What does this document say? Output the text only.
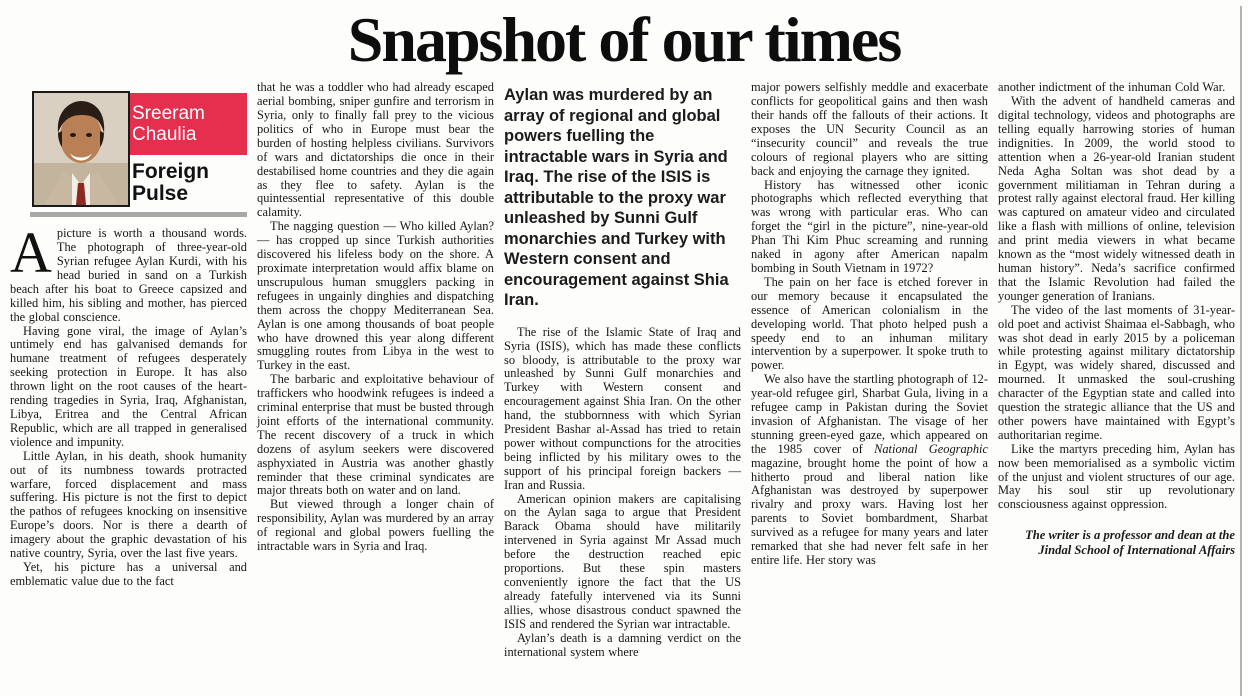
Snapshot of our times
Sreeram Chaulia
Foreign Pulse

Apicture is worth a thousand words. The photograph of three-year-old Syrian refugee Aylan Kurdi, with his head buried in sand on a Turkish beach after his boat to Greece capsized and killed him, his sibling and mother, has pierced the global conscience.

Having gone viral, the image of Aylan’s untimely end has galvanised demands for humane treatment of refugees desperately seeking protection in Europe. It has also thrown light on the root causes of the heart-rending tragedies in Syria, Iraq, Afghanistan, Libya, Eritrea and the Central African Republic, which are all trapped in generalised violence and impunity.

Little Aylan, in his death, shook humanity out of its numbness towards protracted warfare, forced displacement and mass suffering. His picture is not the first to depict the pathos of refugees knocking on insensitive Europe’s doors. Nor is there a dearth of imagery about the graphic devastation of his native country, Syria, over the last five years.

Yet, his picture has a universal and emblematic value due to the fact

that he was a toddler who had already escaped aerial bombing, sniper gunfire and terrorism in Syria, only to finally fall prey to the vicious politics of who in Europe must bear the burden of hosting helpless civilians. Survivors of wars and dictatorships die once in their destabilised home countries and they die again as they flee to safety. Aylan is the quintessential representative of this double calamity.

The nagging question — Who killed Aylan? — has cropped up since Turkish authorities discovered his lifeless body on the shore. A proximate interpretation would affix blame on unscrupulous human smugglers packing in refugees in ungainly dinghies and dispatching them across the choppy Mediterranean Sea. Aylan is one among thousands of boat people who have drowned this year along different smuggling routes from Libya in the west to Turkey in the east.

The barbaric and exploitative behaviour of traffickers who hoodwink refugees is indeed a criminal enterprise that must be busted through joint efforts of the international community. The recent discovery of a truck in which dozens of asylum seekers were discovered asphyxiated in Austria was another ghastly reminder that these criminal syndicates are major threats both on water and on land.

But viewed through a longer chain of responsibility, Aylan was murdered by an array of regional and global powers fuelling the intractable wars in Syria and Iraq.

Aylan was murdered by an array of regional and global powers fuelling the intractable wars in Syria and Iraq. The rise of the ISIS is attributable to the proxy war unleashed by Sunni Gulf monarchies and Turkey with Western consent and encouragement against Shia Iran.

The rise of the Islamic State of Iraq and Syria (ISIS), which has made these conflicts so bloody, is attributable to the proxy war unleashed by Sunni Gulf monarchies and Turkey with Western consent and encouragement against Shia Iran. On the other hand, the stubbornness with which Syrian President Bashar al-Assad has tried to retain power without compunctions for the atrocities being inflicted by his military owes to the support of his principal foreign backers — Iran and Russia.

American opinion makers are capitalising on the Aylan saga to argue that President Barack Obama should have militarily intervened in Syria against Mr Assad much before the destruction reached epic proportions. But these spin masters conveniently ignore the fact that the US already fatefully intervened via its Sunni allies, whose disastrous conduct spawned the ISIS and rendered the Syrian war intractable.

Aylan’s death is a damning verdict on the international system where

major powers selfishly meddle and exacerbate conflicts for geopolitical gains and then wash their hands off the fallouts of their actions. It exposes the UN Security Council as an “insecurity council” and reveals the true colours of regional players who are sitting back and enjoying the carnage they ignited.

History has witnessed other iconic photographs which reflected everything that was wrong with particular eras. Who can forget the “girl in the picture”, nine-year-old Phan Thi Kim Phuc screaming and running naked in agony after American napalm bombing in South Vietnam in 1972?

The pain on her face is etched forever in our memory because it encapsulated the essence of American colonialism in the developing world. That photo helped push a speedy end to an inhuman military intervention by a superpower. It spoke truth to power.

We also have the startling photograph of 12-year-old refugee girl, Sharbat Gula, living in a refugee camp in Pakistan during the Soviet invasion of Afghanistan. The visage of her stunning green-eyed gaze, which appeared on the 1985 cover of National Geographic magazine, brought home the point of how a hitherto proud and liberal nation like Afghanistan was destroyed by superpower rivalry and proxy wars. Having lost her parents to Soviet bombardment, Sharbat survived as a refugee for many years and later remarked that she had never felt safe in her entire life. Her story was

another indictment of the inhuman Cold War.

With the advent of handheld cameras and digital technology, videos and photographs are telling equally harrowing stories of human indignities. In 2009, the world stood to attention when a 26-year-old Iranian student Neda Agha Soltan was shot dead by a government militiaman in Tehran during a protest rally against electoral fraud. Her killing was captured on amateur video and circulated like a flash with millions of online, television and print media viewers in what became known as the “most widely witnessed death in human history”. Neda’s sacrifice confirmed that the Islamic Revolution had failed the younger generation of Iranians.

The video of the last moments of 31-year-old poet and activist Shaimaa el-Sabbagh, who was shot dead in early 2015 by a policeman while protesting against military dictatorship in Egypt, was widely shared, discussed and mourned. It unmasked the soul-crushing character of the Egyptian state and called into question the strategic alliance that the US and other powers have maintained with Egypt’s authoritarian regime.

Like the martyrs preceding him, Aylan has now been memorialised as a symbolic victim of the unjust and violent structures of our age. May his soul stir up revolutionary consciousness against oppression.

The writer is a professor and dean at the Jindal School of International Affairs
